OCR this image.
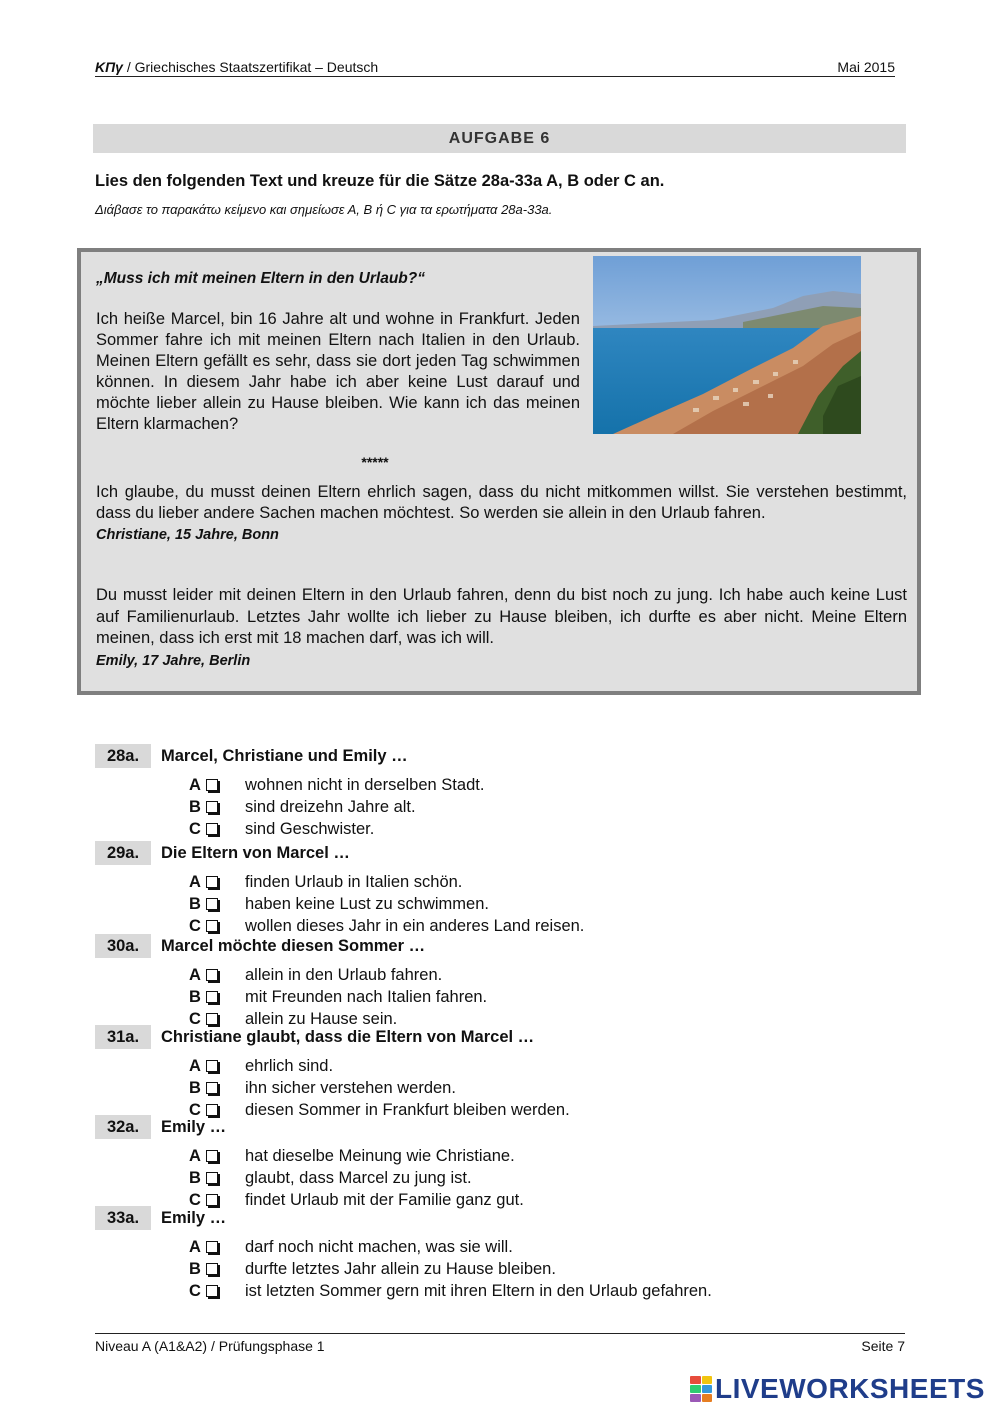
ΚΠγ / Griechisches Staatszertifikat – Deutsch	Mai 2015
AUFGABE 6
Lies den folgenden Text und kreuze für die Sätze 28a-33a A, B oder C an.
Διάβασε το παρακάτω κείμενο και σημείωσε Α, Β ή C για τα ερωτήματα 28a-33a.
„Muss ich mit meinen Eltern in den Urlaub?“
Ich heiße Marcel, bin 16 Jahre alt und wohne in Frankfurt. Jeden Sommer fahre ich mit meinen Eltern nach Italien in den Urlaub. Meinen Eltern gefällt es sehr, dass sie dort jeden Tag schwimmen können. In diesem Jahr habe ich aber keine Lust darauf und möchte lieber allein zu Hause bleiben. Wie kann ich das meinen Eltern klarmachen?
*****
Ich glaube, du musst deinen Eltern ehrlich sagen, dass du nicht mitkommen willst. Sie verstehen bestimmt, dass du lieber andere Sachen machen möchtest. So werden sie allein in den Urlaub fahren.
Christiane, 15 Jahre, Bonn
Du musst leider mit deinen Eltern in den Urlaub fahren, denn du bist noch zu jung. Ich habe auch keine Lust auf Familienurlaub. Letztes Jahr wollte ich lieber zu Hause bleiben, ich durfte es aber nicht. Meine Eltern meinen, dass ich erst mit 18 machen darf, was ich will.
Emily, 17 Jahre, Berlin
28a.	Marcel, Christiane und Emily …
A	wohnen nicht in derselben Stadt.
B	sind dreizehn Jahre alt.
C	sind Geschwister.
29a.	Die Eltern von Marcel …
A	finden Urlaub in Italien schön.
B	haben keine Lust zu schwimmen.
C	wollen dieses Jahr in ein anderes Land reisen.
30a.	Marcel möchte diesen Sommer …
A	allein in den Urlaub fahren.
B	mit Freunden nach Italien fahren.
C	allein zu Hause sein.
31a.	Christiane glaubt, dass die Eltern von Marcel …
A	ehrlich sind.
B	ihn sicher verstehen werden.
C	diesen Sommer in Frankfurt bleiben werden.
32a.	Emily …
A	hat dieselbe Meinung wie Christiane.
B	glaubt, dass Marcel zu jung ist.
C	findet Urlaub mit der Familie ganz gut.
33a.	Emily …
A	darf noch nicht machen, was sie will.
B	durfte letztes Jahr allein zu Hause bleiben.
C	ist letzten Sommer gern mit ihren Eltern in den Urlaub gefahren.
Niveau A (A1&A2) / Prüfungsphase 1	Seite 7
LIVEWORKSHEETS
